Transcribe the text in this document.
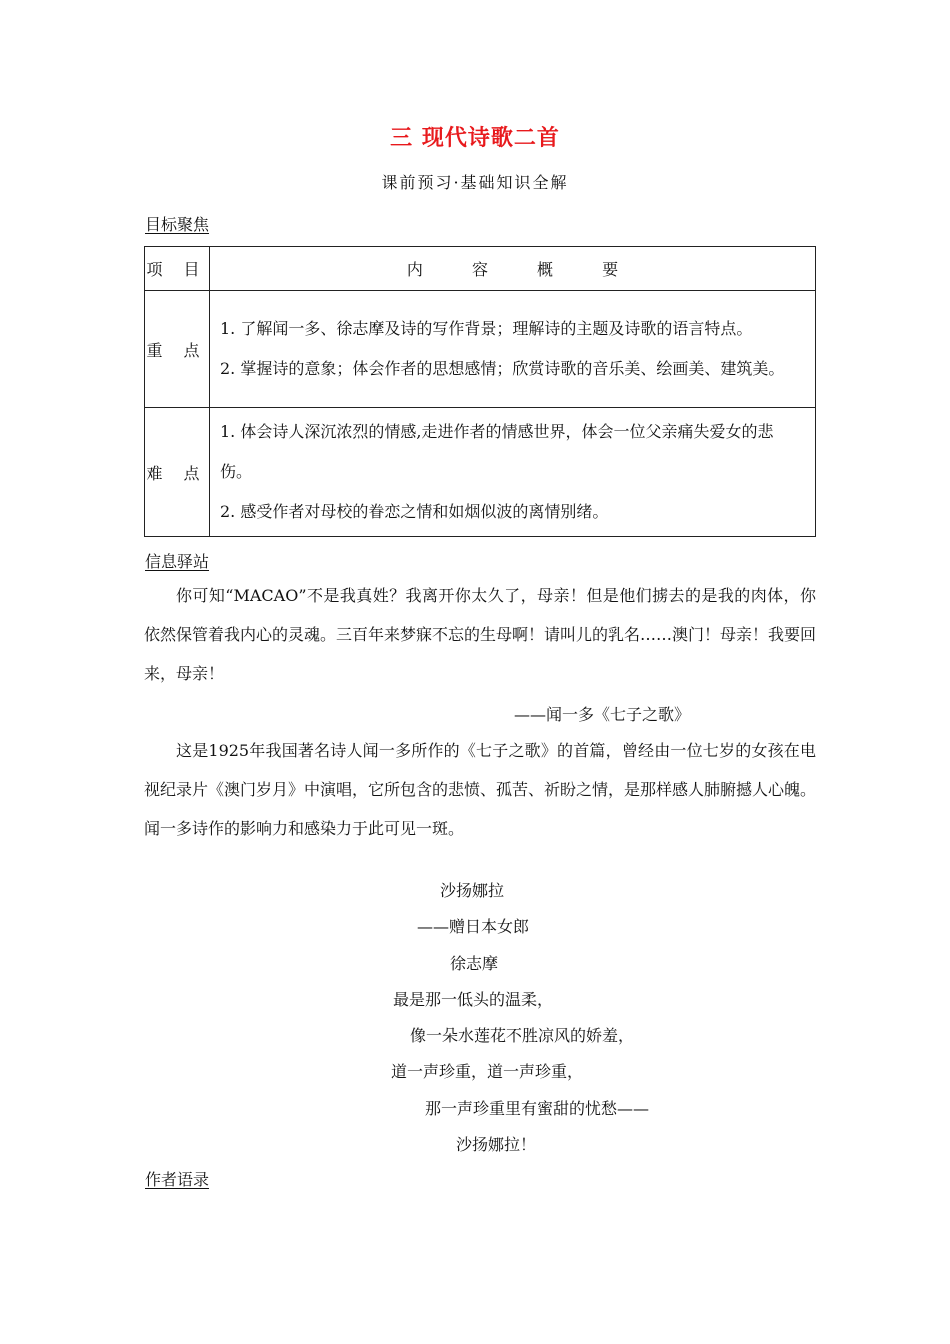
三 现代诗歌二首
课前预习·基础知识全解
目标聚焦
项 目	内 容 概 要
重 点	1. 了解闻一多、徐志摩及诗的写作背景；理解诗的主题及诗歌的语言特点。
2. 掌握诗的意象；体会作者的思想感情；欣赏诗歌的音乐美、绘画美、建筑美。

难 点	1. 体会诗人深沉浓烈的情感,走进作者的情感世界，体会一位父亲痛失爱女的悲伤。
2. 感受作者对母校的眷恋之情和如烟似波的离情别绪。
信息驿站
你可知“MACAO”不是我真姓？我离开你太久了，母亲！但是他们掳去的是我的肉体，你依然保管着我内心的灵魂。三百年来梦寐不忘的生母啊！请叫儿的乳名……澳门！母亲！我要回来，母亲！
——闻一多《七子之歌》
这是1925年我国著名诗人闻一多所作的《七子之歌》的首篇，曾经由一位七岁的女孩在电视纪录片《澳门岁月》中演唱，它所包含的悲愤、孤苦、祈盼之情，是那样感人肺腑撼人心魄。闻一多诗作的影响力和感染力于此可见一斑。
沙扬娜拉
——赠日本女郎
徐志摩
最是那一低头的温柔，
像一朵水莲花不胜凉风的娇羞，
道一声珍重，道一声珍重，
那一声珍重里有蜜甜的忧愁——
沙扬娜拉！
作者语录
